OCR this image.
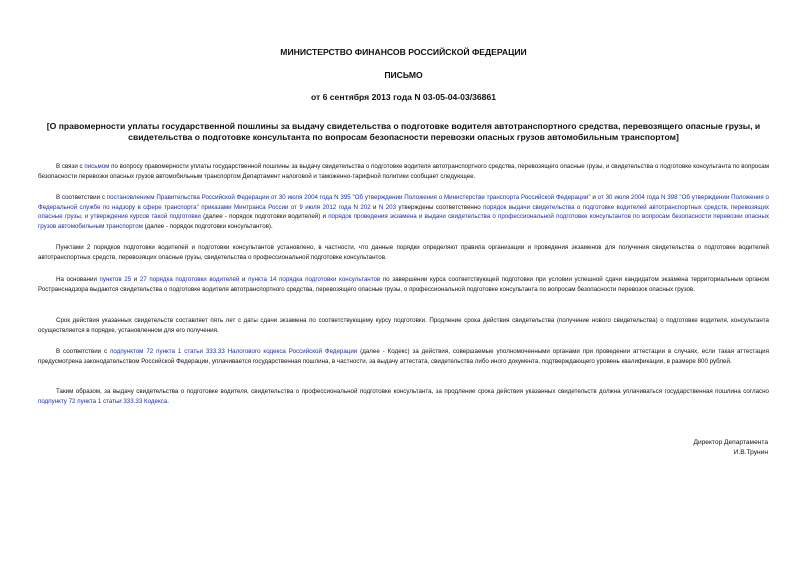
МИНИСТЕРСТВО ФИНАНСОВ РОССИЙСКОЙ ФЕДЕРАЦИИ
ПИСЬМО
от 6 сентября 2013 года N 03-05-04-03/36861
[О правомерности уплаты государственной пошлины за выдачу свидетельства о подготовке водителя автотранспортного средства, перевозящего опасные грузы, и свидетельства о подготовке консультанта по вопросам безопасности перевозки опасных грузов автомобильным транспортом]

В связи с письмом по вопросу правомерности уплаты государственной пошлины за выдачу свидетельства о подготовке водителя автотранспортного средства, перевозящего опасные грузы, и свидетельства о подготовке консультанта по вопросам безопасности перевозки опасных грузов автомобильным транспортом Департамент налоговой и таможенно-тарифной политики сообщает следующее.

В соответствии с постановлением Правительства Российской Федерации от 30 июля 2004 года N 395 "Об утверждении Положения о Министерстве транспорта Российской Федерации" и от 30 июля 2004 года N 398 "Об утверждении Положения о Федеральной службе по надзору в сфере транспорта" приказами Минтранса России от 9 июля 2012 года N 202 и N 203 утверждены соответственно порядок выдачи свидетельства о подготовке водителей автотранспортных средств, перевозящих опасные грузы, и утверждения курсов такой подготовки (далее - порядок подготовки водителей) и порядок проведения экзамена и выдачи свидетельства о профессиональной подготовке консультантов по вопросам безопасности перевозки опасных грузов автомобильным транспортом (далее - порядок подготовки консультантов).

Пунктами 2 порядков подготовки водителей и подготовки консультантов установлено, в частности, что данные порядки определяют правила организации и проведения экзаменов для получения свидетельства о подготовке водителей автотранспортных средств, перевозящих опасные грузы, свидетельства о профессиональной подготовке консультантов.

На основании пунктов 25 и 27 порядка подготовки водителей и пункта 14 порядка подготовки консультантов по завершении курса соответствующей подготовки при условии успешной сдачи кандидатом экзамена территориальным органом Ространснадзора выдаются свидетельства о подготовке водителя автотранспортного средства, перевозящего опасные грузы, о профессиональной подготовке консультанта по вопросам безопасности перевозок опасных грузов.

Срок действия указанных свидетельств составляет пять лет с даты сдачи экзамена по соответствующему курсу подготовки. Продление срока действия свидетельства (получение нового свидетельства) о подготовке водителя, консультанта осуществляется в порядке, установленном для его получения.

В соответствии с подпунктом 72 пункта 1 статьи 333.33 Налогового кодекса Российской Федерации (далее - Кодекс) за действия, совершаемые уполномоченными органами при проведении аттестации в случаях, если такая аттестация предусмотрена законодательством Российской Федерации, уплачивается государственная пошлина, в частности, за выдачу аттестата, свидетельства либо иного документа, подтверждающего уровень квалификации, в размере 800 рублей.

Таким образом, за выдачу свидетельства о подготовке водителя, свидетельства о профессиональной подготовке консультанта, за продление срока действия указанных свидетельств должна уплачиваться государственная пошлина согласно подпункту 72 пункта 1 статьи 333.33 Кодекса.

Директор Департамента
И.В.Трунин
